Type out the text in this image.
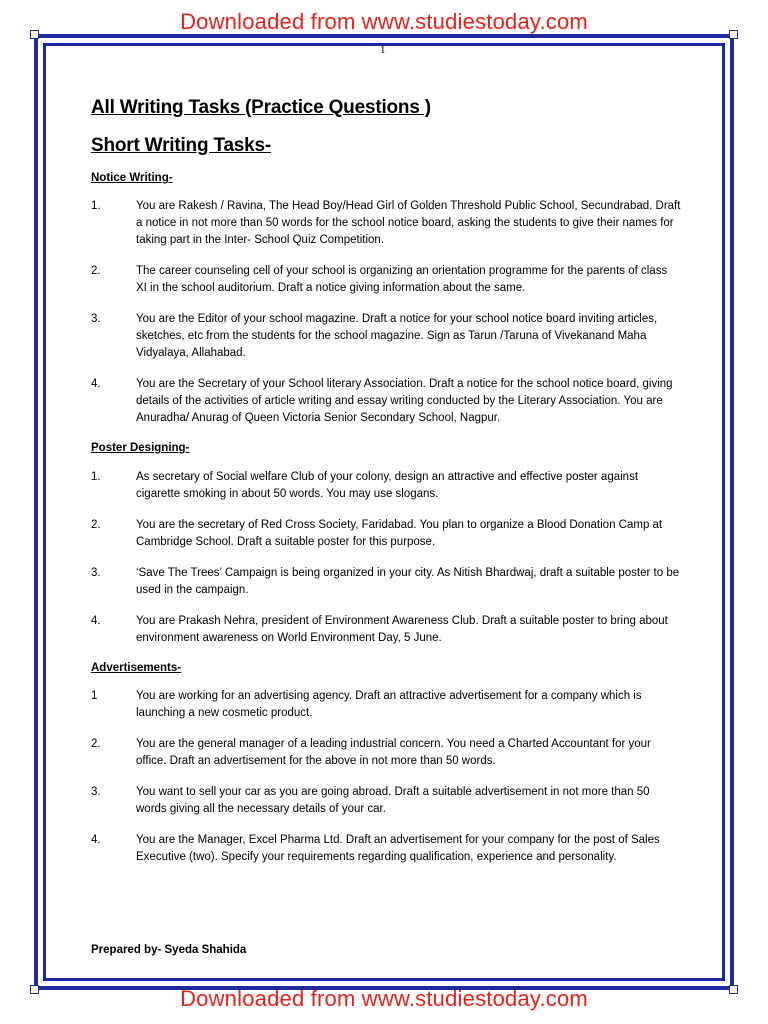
Downloaded from www.studiestoday.com
1
All Writing Tasks (Practice Questions )
Short Writing Tasks-

Notice Writing-

1.	You are Rakesh / Ravina, The Head Boy/Head Girl of Golden Threshold Public School, Secundrabad. Draft a notice in not more than 50 words for the school notice board, asking the students to give their names for taking part in the Inter- School Quiz Competition.
2.	The career counseling cell of your school is organizing an orientation programme for the parents of class XI in the school auditorium. Draft a notice giving information about the same.
3.	You are the Editor of your school magazine. Draft a notice for your school notice board inviting articles, sketches, etc from the students for the school magazine. Sign as Tarun /Taruna of Vivekanand Maha Vidyalaya, Allahabad.
4.	You are the Secretary of your School literary Association. Draft a notice for the school notice board, giving details of the activities of article writing and essay writing conducted by the Literary Association. You are Anuradha/ Anurag of Queen Victoria Senior Secondary School, Nagpur.

Poster Designing-

1.	As secretary of Social welfare Club of your colony, design an attractive and effective poster against cigarette smoking in about 50 words. You may use slogans.
2.	You are the secretary of Red Cross Society, Faridabad. You plan to organize a Blood Donation Camp at Cambridge School. Draft a suitable poster for this purpose.
3.	‘Save The Trees’ Campaign is being organized in your city. As Nitish Bhardwaj, draft a suitable poster to be used in the campaign.
4.	You are Prakash Nehra, president of Environment Awareness Club. Draft a suitable poster to bring about environment awareness on World Environment Day, 5 June.

Advertisements-

1	You are working for an advertising agency. Draft an attractive advertisement for a company which is launching a new cosmetic product.
2.	You are the general manager of a leading industrial concern. You need a Charted Accountant for your office. Draft an advertisement for the above in not more than 50 words.
3.	You want to sell your car as you are going abroad. Draft a suitable advertisement in not more than 50 words giving all the necessary details of your car.
4.	You are the Manager, Excel Pharma Ltd. Draft an advertisement for your company for the post of Sales Executive (two). Specify your requirements regarding qualification, experience and personality.
Prepared by- Syeda Shahida
Downloaded from www.studiestoday.com
